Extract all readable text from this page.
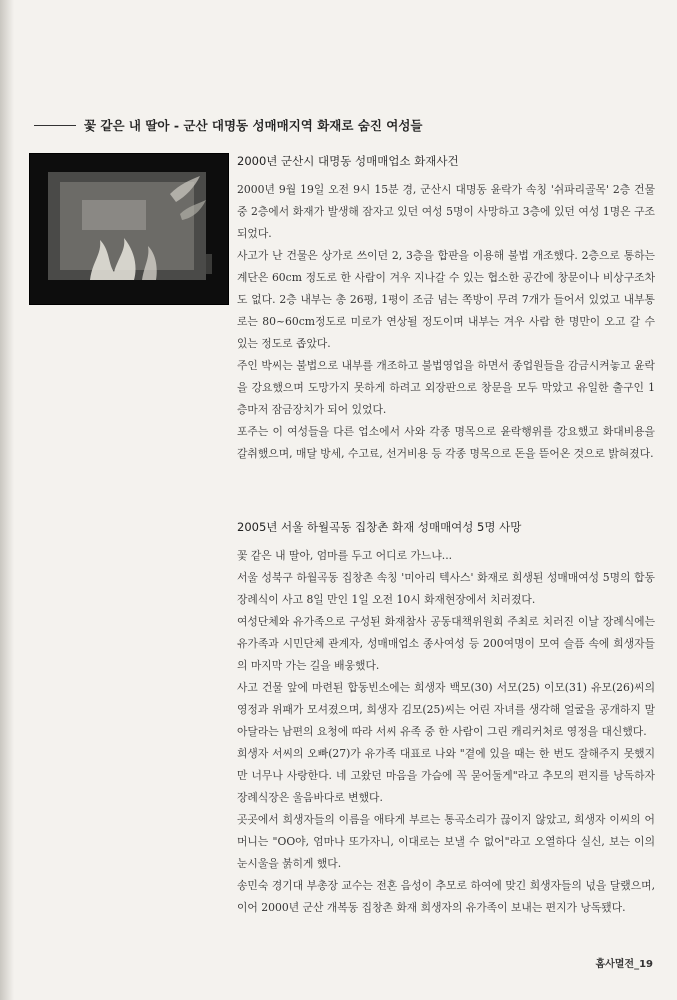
꽃 같은 내 딸아 - 군산 대명동 성매매지역 화재로 숨진 여성들

2000년 군산시 대명동 성매매업소 화재사건

2000년 9월 19일 오전 9시 15분 경, 군산시 대명동 윤락가 속칭 '쉬파리골목' 2층 건물 중 2층에서 화재가 발생해 잠자고 있던 여성 5명이 사망하고 3층에 있던 여성 1명은 구조되었다.

사고가 난 건물은 상가로 쓰이던 2, 3층을 합판을 이용해 불법 개조했다. 2층으로 통하는 계단은 60cm 정도로 한 사람이 겨우 지나갈 수 있는 협소한 공간에 창문이나 비상구조차도 없다. 2층 내부는 총 26평, 1평이 조금 넘는 쪽방이 무려 7개가 들어서 있었고 내부통로는 80~60cm정도로 미로가 연상될 정도이며 내부는 겨우 사람 한 명만이 오고 갈 수 있는 정도로 좁았다.

주인 박씨는 불법으로 내부를 개조하고 불법영업을 하면서 종업원들을 감금시켜놓고 윤락을 강요했으며 도망가지 못하게 하려고 외장판으로 창문을 모두 막았고 유일한 출구인 1층마저 잠금장치가 되어 있었다.

포주는 이 여성들을 다른 업소에서 사와 각종 명목으로 윤락행위를 강요했고 화대비용을 갈취했으며, 매달 방세, 수고료, 선거비용 등 각종 명목으로 돈을 뜯어온 것으로 밝혀졌다.

2005년 서울 하월곡동 집창촌 화재 성매매여성 5명 사망

꽃 같은 내 딸아, 엄마를 두고 어디로 가느냐...

서울 성북구 하월곡동 집창촌 속칭 '미아리 텍사스' 화재로 희생된 성매매여성 5명의 합동 장례식이 사고 8일 만인 1일 오전 10시 화재현장에서 치러졌다.

여성단체와 유가족으로 구성된 화재참사 공동대책위원회 주최로 치러진 이날 장례식에는 유가족과 시민단체 관계자, 성매매업소 종사여성 등 200여명이 모여 슬픔 속에 희생자들의 마지막 가는 길을 배웅했다.

사고 건물 앞에 마련된 합동빈소에는 희생자 백모(30) 서모(25) 이모(31) 유모(26)씨의 영정과 위패가 모셔졌으며, 희생자 김모(25)씨는 어린 자녀를 생각해 얼굴을 공개하지 말아달라는 남편의 요청에 따라 서씨 유족 중 한 사람이 그린 캐리커처로 영정을 대신했다.

희생자 서씨의 오빠(27)가 유가족 대표로 나와 "곁에 있을 때는 한 번도 잘해주지 못했지만 너무나 사랑한다. 네 고왔던 마음을 가슴에 꼭 묻어둘게"라고 추모의 편지를 낭독하자 장례식장은 울음바다로 변했다.

곳곳에서 희생자들의 이름을 애타게 부르는 통곡소리가 끊이지 않았고, 희생자 이씨의 어머니는 "OO야, 엄마나 또가자니, 이대로는 보낼 수 없어"라고 오열하다 실신, 보는 이의 눈시울을 붉히게 했다.

송민숙 경기대 부총장 교수는 전혼 음성이 추모로 하여에 맞긴 희생자들의 넋을 달랬으며, 이어 2000년 군산 개복동 집창촌 화재 희생자의 유가족이 보내는 편지가 낭독됐다.

홈사멸전_19
